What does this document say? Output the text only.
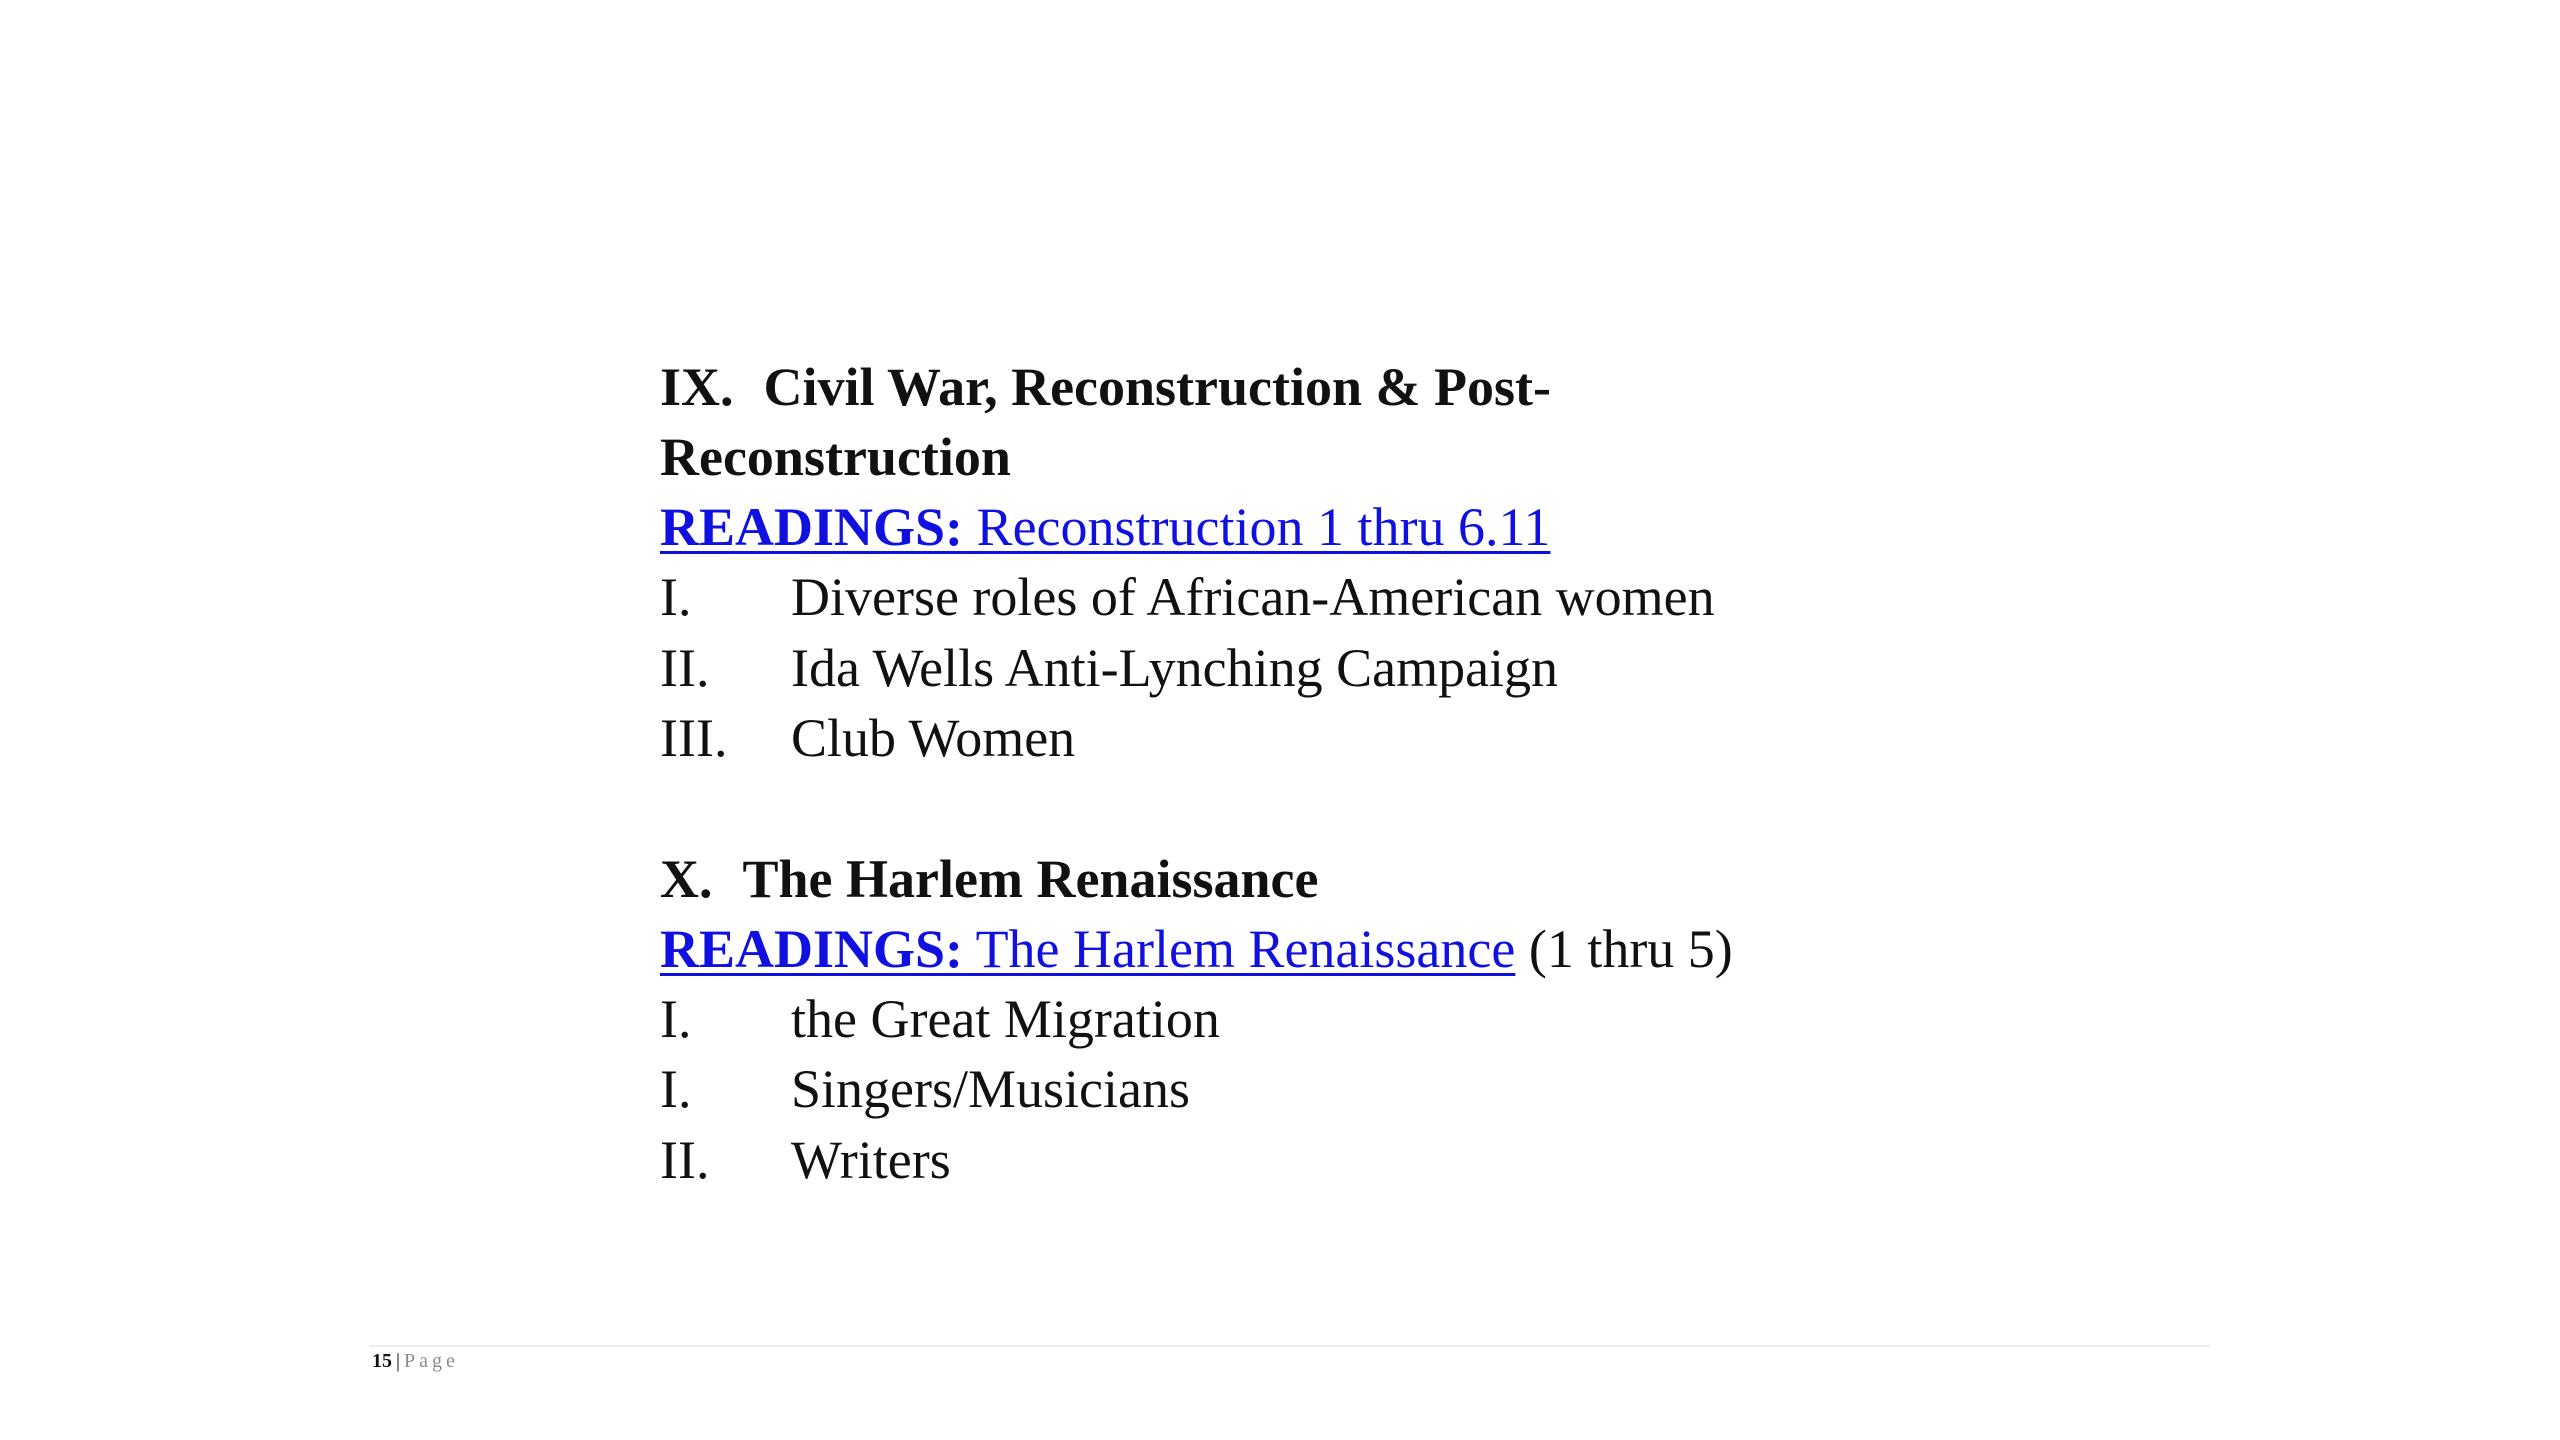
IX. Civil War, Reconstruction & Post-

Reconstruction

READINGS: Reconstruction 1 thru 6.11

I.	Diverse roles of African-American women
II.	Ida Wells Anti-Lynching Campaign
III.	Club Women

X. The Harlem Renaissance

READINGS: The Harlem Renaissance (1 thru 5)

I.	the Great Migration
I.	Singers/Musicians
II.	Writers
15 | Page
